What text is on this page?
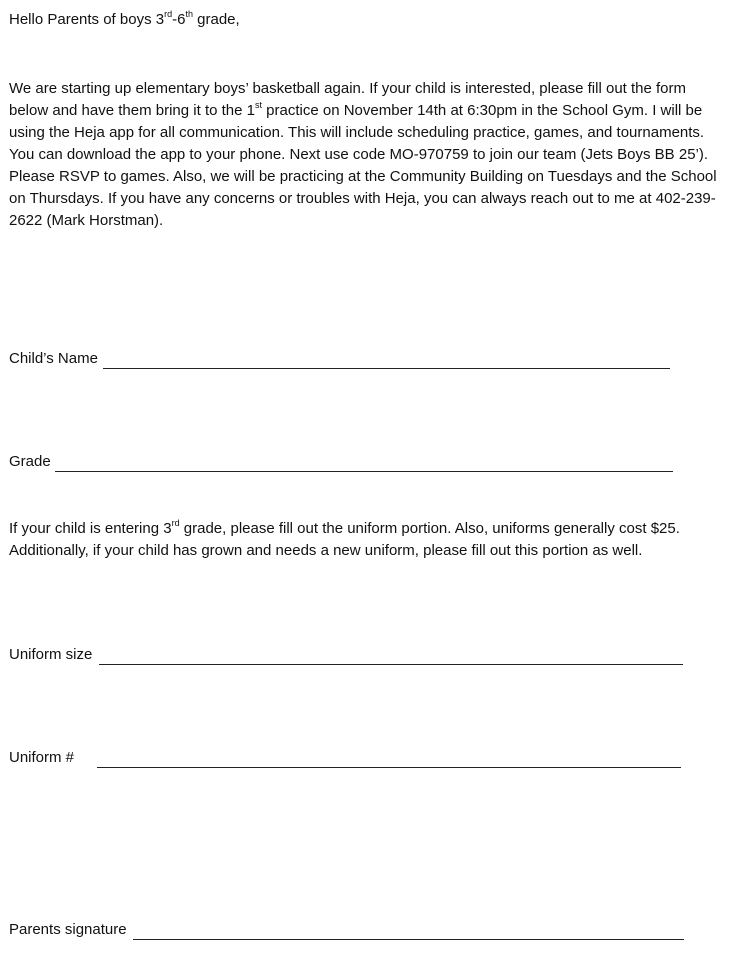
Hello Parents of boys 3rd-6th grade,
We are starting up elementary boys’ basketball again. If your child is interested, please fill out the form below and have them bring it to the 1st practice on November 14th at 6:30pm in the School Gym. I will be using the Heja app for all communication. This will include scheduling practice, games, and tournaments. You can download the app to your phone. Next use code MO-970759 to join our team (Jets Boys BB 25’). Please RSVP to games. Also, we will be practicing at the Community Building on Tuesdays and the School on Thursdays. If you have any concerns or troubles with Heja, you can always reach out to me at 402-239-2622 (Mark Horstman).
Child’s Name
Grade
If your child is entering 3rd grade, please fill out the uniform portion. Also, uniforms generally cost $25. Additionally, if your child has grown and needs a new uniform, please fill out this portion as well.
Uniform size
Uniform #
Parents signature
